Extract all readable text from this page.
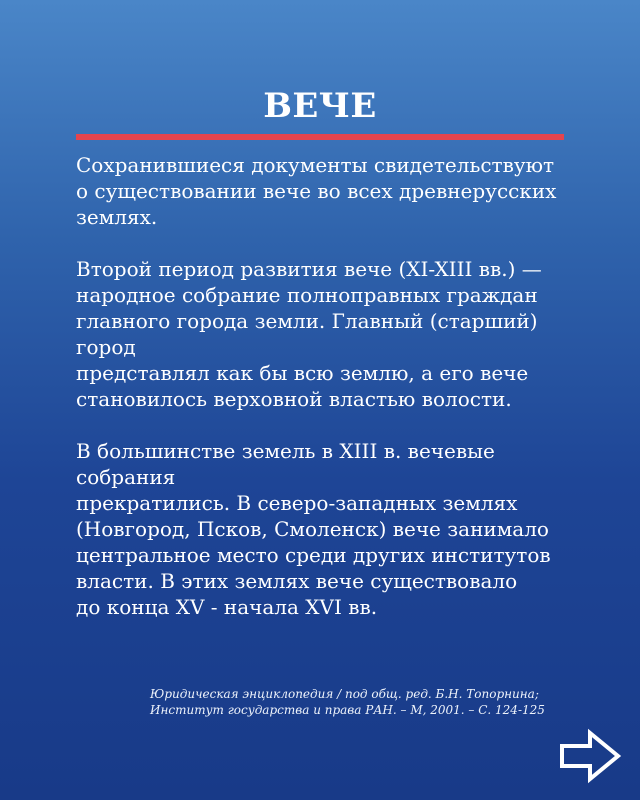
ВЕЧЕ

Сохранившиеся документы свидетельствуют
о существовании вече во всех древнерусских
землях.

Второй период развития вече (XI-XIII вв.) —
народное собрание полноправных граждан
главного города земли. Главный (старший) город
представлял как бы всю землю, а его вече
становилось верховной властью волости.

В большинстве земель в XIII в. вечевые собрания
прекратились. В северо-западных землях
(Новгород, Псков, Смоленск) вече занимало
центральное место среди других институтов
власти. В этих землях вече существовало
до конца XV - начала XVI вв.

Юридическая энциклопедия / под общ. ред. Б.Н. Топорнина;
Институт государства и права РАН. – М, 2001. – С. 124-125
